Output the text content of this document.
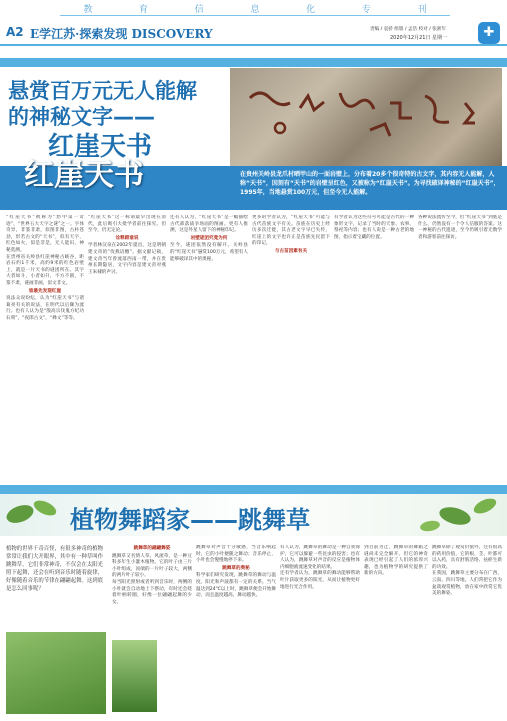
教	育	信	息	化	专	刊
A2 E学江苏·探索发现 DISCOVERY	责编 / 袁骄 组版 / 孟浩 校对 / 张浙年
2020年12月21日 星期一	✚
■未解之谜■
悬赏百万元无人能解
的神秘文字——
红崖天书
红崖天书	在贵州关岭县龙爪村晒甲山的一面岩壁上，分布着20多个很奇特的古文字，其内容无人能解，人称“天书”，因刻有“天书”的岩壁呈红色，又被称为“红崖天书”。为寻找破译神秘的“红崖天书”，1995年，当地悬赏100万元，但至今无人能解。

“红崖天书”被称为“黔中第一奇迹”，“世界五大天字之谜”之一。字体奇异，非篆非隶，似图非图，古朴苍劲，形若古文的“天书”，似有天字，红色如火，似是非是，无人能识，神秘莫测。

在贵州省关岭县红崖神秘古峡谷，距岩石约1千米，高约9米的红色岩壁上，就是一片天书的谜团所在。其字大者如斗，小者如升，不方不圆，不篆不隶，谜画非画，似文非文。

谁最先发现红崖

说法众说纷纭，认为“红崖天书”与诸葛亮有关的说法，在明代以后颇为流行。也有人认为是“殷高宗伐鬼方纪功石刻”，“夜郎古文”，“彝文”等等。

“红崖天书”这一称谓最早出现在清代，此后吸引大批学者前往探究。但至今，仍无定论。

诠释跟谁说

学者林汉泉在2002年提出，这是明朝建文帝的“伐燕诏檄”。据文献记载，建文帝当年曾流落西南一带，并在贵州长期隐居，文字内容是建文帝对燕王朱棣的声讨。

还有人认为，“红崖天书”是一幅描绘古代部落战争场面的图画。更有人推测，这是外星人留下的神秘印记。

岩壁谜团究竟为何

至今，谜团依然没有解开。关岭县的“红崖天书”悬赏100万元，希望有人能够破译其中的奥秘。

更多的学者认为，“红崖天书”可能与古代苗族文字有关。苗族在历史上经历多次迁徙，其古老文字早已失传，红崖上的文字也许正是苗族先民留下的印记。

与古苗因素有关

有学者认为这些符号可能是古代的一种象形文字，记录了当时的天象、农事、祭祀等内容；也有人说是一种古老的地图，指示着宝藏的位置。

各种说法流传至今，但“红崖天书”到底是什么，仍然没有一个令人信服的答案。这一神秘的古代遗迹，至今仍吸引着无数学者和游客前往探访。

植物舞蹈家——跳舞草
植物的世界千奇百怪，有很多神奇的植物常常让我们大开眼界，其中有一种草叫作跳舞草，它们非常神奇，不仅会在太阳光照下起舞，还会在听到音乐时随着旋律，好像随着音乐的节律在翩翩起舞。这到底是怎么回事呢？

跳舞草的翩翩舞姿

跳舞草又名情人草、风流草，是一种豆科多年生小灌木植物。它的叶子由三片小叶组成，顶端的一片叶子较大，两侧的两片叶子较小。

每当阳光照射或者听到音乐时，两侧的小叶就会自动地上下摆动，有时还会绕着叶柄转圈，好像一位翩翩起舞的少女。

跳舞草对声音十分敏感，当音乐响起时，它的小叶便随之舞动；音乐停止，小叶也会慢慢地停下来。

跳舞草的奥秘

科学家们研究发现，跳舞草的舞动与温度、阳光和声波都有一定的关系。当气温达到24℃以上时，跳舞草便会开始舞动，而且温度越高，舞动越快。

有人认为，跳舞草的舞动是一种自我保护，它可以躲避一些昆虫的侵害；也有人认为，跳舞草对声音的反应是植物体内细胞液流速变化的结果。

还有学者认为，跳舞草的舞动能够帮助叶片获取更多的阳光，从而让植物更好地进行光合作用。

到目前为止，跳舞草的舞蹈之谜尚未完全解开。但它的神奇表现已经引起了人们的浓厚兴趣，也为植物学的研究提供了新的方向。

跳舞草除了观赏价值外，还有很高的药用价值，它的根、茎、叶都可以入药，具有舒筋活络、祛瘀生新的功效。

在我国，跳舞草主要分布在广西、云南、四川等地。人们常把它作为盆栽观赏植物，放在家中欣赏它优美的舞姿。
